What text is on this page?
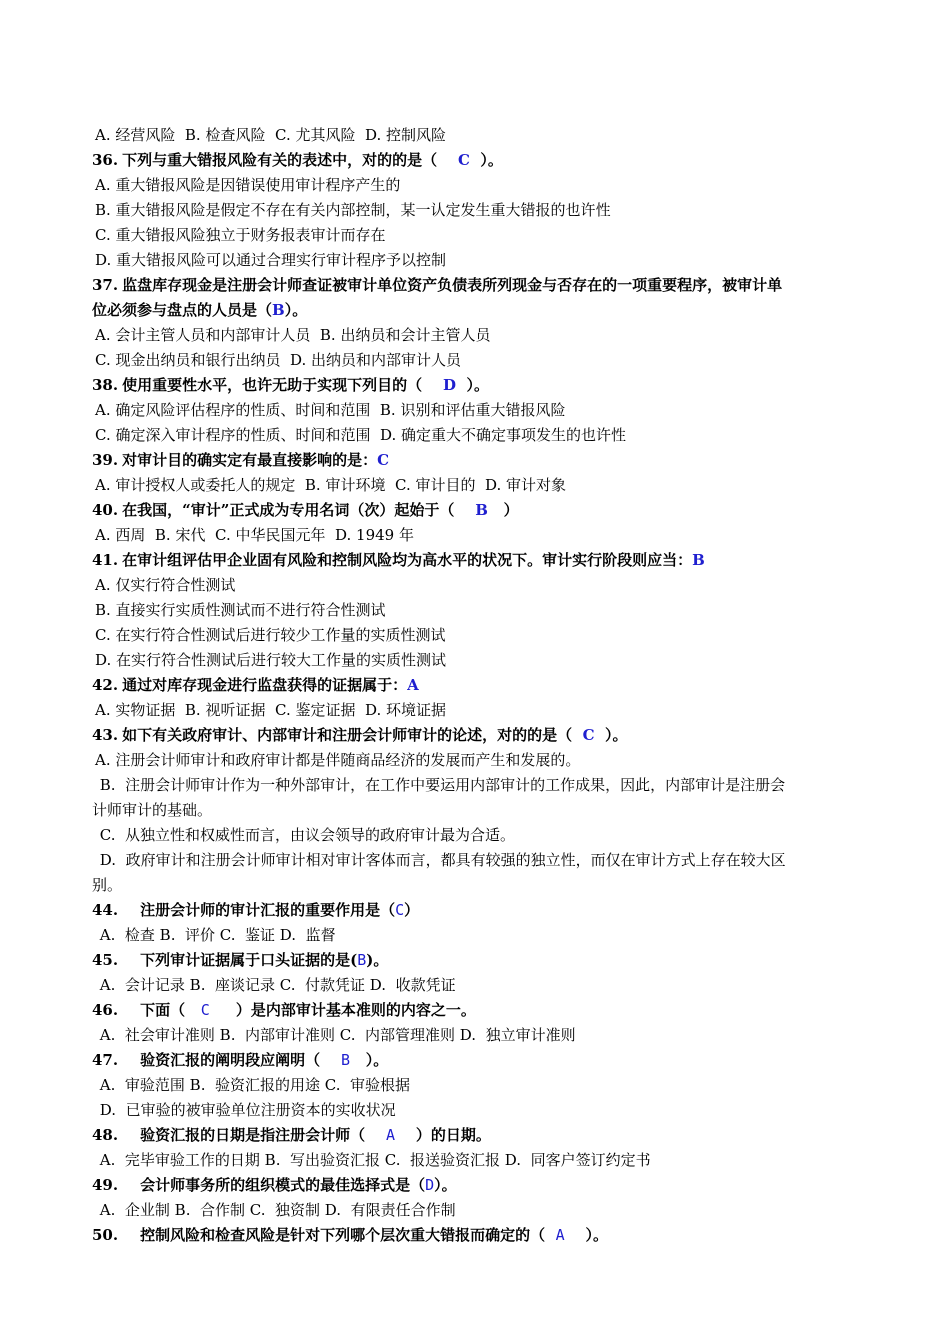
A. 经营风险  B. 检查风险  C. 尤其风险  D. 控制风险
36. 下列与重大错报风险有关的表述中，对的的是（    C  ）。
A. 重大错报风险是因错误使用审计程序产生的
B. 重大错报风险是假定不存在有关内部控制，某一认定发生重大错报的也许性
C. 重大错报风险独立于财务报表审计而存在
D. 重大错报风险可以通过合理实行审计程序予以控制
37. 监盘库存现金是注册会计师查证被审计单位资产负债表所列现金与否存在的一项重要程序，被审计单
位必须参与盘点的人员是（B）。
A. 会计主管人员和内部审计人员  B. 出纳员和会计主管人员
C. 现金出纳员和银行出纳员  D. 出纳员和内部审计人员
38. 使用重要性水平，也许无助于实现下列目的（    D  ）。
A. 确定风险评估程序的性质、时间和范围  B. 识别和评估重大错报风险
C. 确定深入审计程序的性质、时间和范围  D. 确定重大不确定事项发生的也许性
39. 对审计目的确实定有最直接影响的是：C
A. 审计授权人或委托人的规定  B. 审计环境  C. 审计目的  D. 审计对象
40. 在我国，“审计”正式成为专用名词（次）起始于（    B   ）
A. 西周  B. 宋代  C. 中华民国元年  D. 1949 年
41. 在审计组评估甲企业固有风险和控制风险均为高水平的状况下。审计实行阶段则应当：B
A. 仅实行符合性测试
B. 直接实行实质性测试而不进行符合性测试
C. 在实行符合性测试后进行较少工作量的实质性测试
D. 在实行符合性测试后进行较大工作量的实质性测试
42. 通过对库存现金进行监盘获得的证据属于：A
A. 实物证据  B. 视听证据  C. 鉴定证据  D. 环境证据
43. 如下有关政府审计、内部审计和注册会计师审计的论述，对的的是（  C  ）。
A. 注册会计师审计和政府审计都是伴随商品经济的发展而产生和发展的。
B.  注册会计师审计作为一种外部审计，在工作中要运用内部审计的工作成果，因此，内部审计是注册会
计师审计的基础。
C.  从独立性和权威性而言，由议会领导的政府审计最为合适。
D.  政府审计和注册会计师审计相对审计客体而言，都具有较强的独立性，而仅在审计方式上存在较大区
别。
44. 注册会计师的审计汇报的重要作用是（C）
A.  检查 B.  评价 C.  鉴证 D.  监督
45. 下列审计证据属于口头证据的是(B)。
A.  会计记录 B.  座谈记录 C.  付款凭证 D.  收款凭证
46. 下面（   C     ）是内部审计基本准则的内容之一。
A.  社会审计准则 B.  内部审计准则 C.  内部管理准则 D.  独立审计准则
47. 验资汇报的阐明段应阐明（    B   ）。
A.  审验范围 B.  验资汇报的用途 C.  审验根据
D.  已审验的被审验单位注册资本的实收状况
48. 验资汇报的日期是指注册会计师（    A    ）的日期。
A.  完毕审验工作的日期 B.  写出验资汇报 C.  报送验资汇报 D.  同客户签订约定书
49. 会计师事务所的组织模式的最佳选择式是（D）。
A.  企业制 B.  合作制 C.  独资制 D.  有限责任合作制
50. 控制风险和检查风险是针对下列哪个层次重大错报而确定的（  A    ）。
